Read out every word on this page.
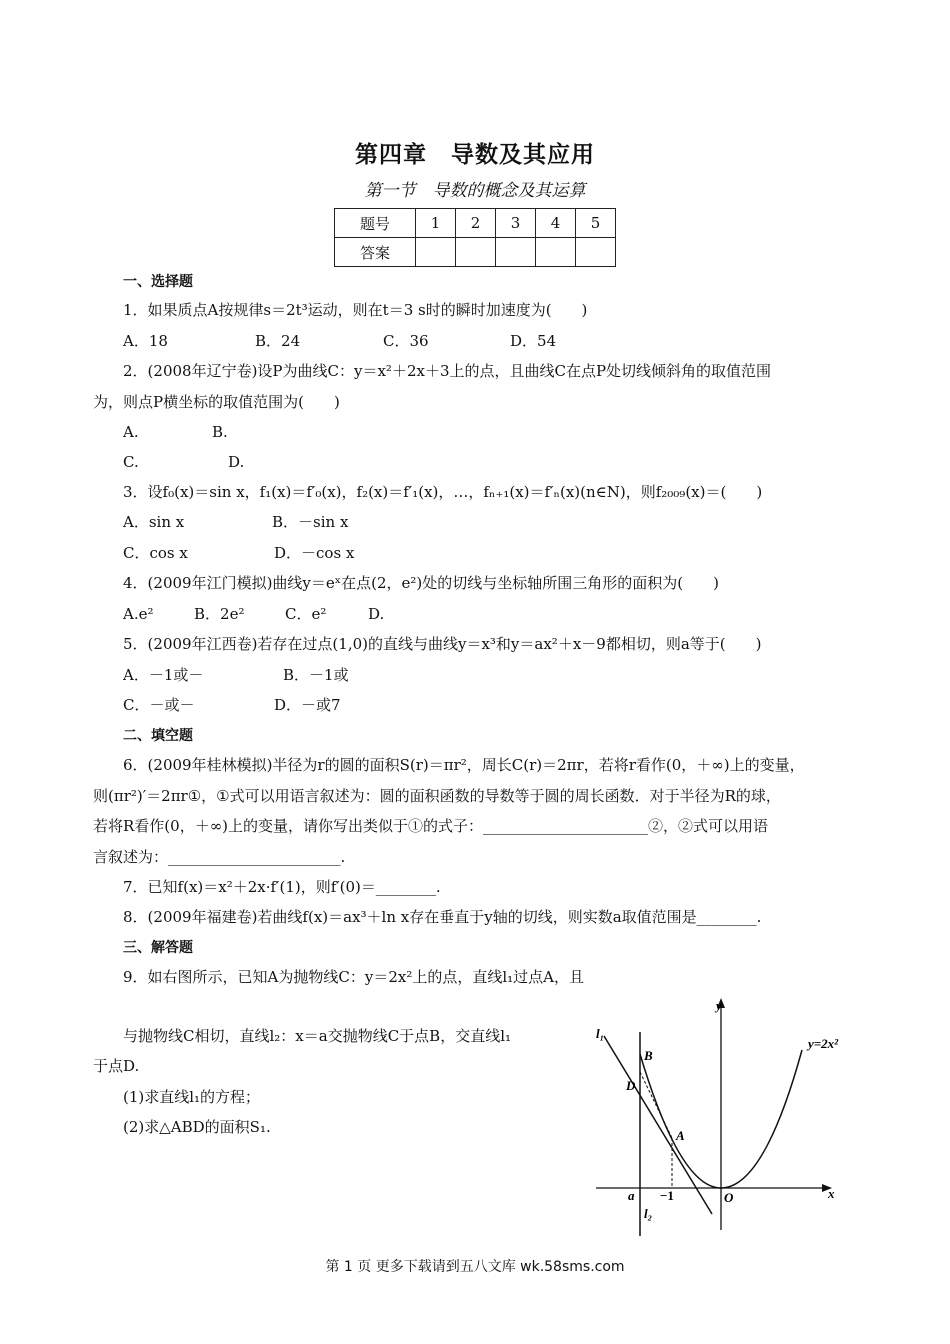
第四章　导数及其应用
第一节　导数的概念及其运算
题号	1	2	3	4	5
答案					
一、选择题
1．如果质点A按规律s＝2t³运动，则在t＝3 s时的瞬时加速度为(　　)
A．18	B．24	C．36	D．54
2．(2008年辽宁卷)设P为曲线C：y＝x²＋2x＋3上的点，且曲线C在点P处切线倾斜角的取值范围
为，则点P横坐标的取值范围为(　　)
A.	B.
C.	D.
3．设f₀(x)＝sin x，f₁(x)＝f′₀(x)，f₂(x)＝f′₁(x)，…，fₙ₊₁(x)＝f′ₙ(x)(n∈N)，则f₂₀₀₉(x)＝(　　)
A．sin x	B．－sin x
C．cos x	D．－cos x
4．(2009年江门模拟)曲线y＝eˣ在点(2，e²)处的切线与坐标轴所围三角形的面积为(　　)
A.e²	B．2e²	C．e²	D.
5．(2009年江西卷)若存在过点(1,0)的直线与曲线y＝x³和y＝ax²＋x－9都相切，则a等于(　　)
A．－1或－	B．－1或
C．－或－	D．－或7
二、填空题
6．(2009年桂林模拟)半径为r的圆的面积S(r)＝πr²，周长C(r)＝2πr，若将r看作(0，＋∞)上的变量，
则(πr²)′＝2πr①，①式可以用语言叙述为：圆的面积函数的导数等于圆的周长函数．对于半径为R的球，
若将R看作(0，＋∞)上的变量，请你写出类似于①的式子：______________________②，②式可以用语
言叙述为：_______________________.
7．已知f(x)＝x²＋2x·f′(1)，则f′(0)＝________.
8．(2009年福建卷)若曲线f(x)＝ax³＋ln x存在垂直于y轴的切线，则实数a取值范围是________.
三、解答题
9．如右图所示，已知A为抛物线C：y＝2x²上的点，直线l₁过点A，且
与抛物线C相切，直线l₂：x＝a交抛物线C于点B，交直线l₁
于点D.
(1)求直线l₁的方程；
(2)求△ABD的面积S₁.
y
x
y=2x²
l₁
l₂
B
D
A
O
a −1
第 1 页 更多下载请到五八文库 wk.58sms.com
